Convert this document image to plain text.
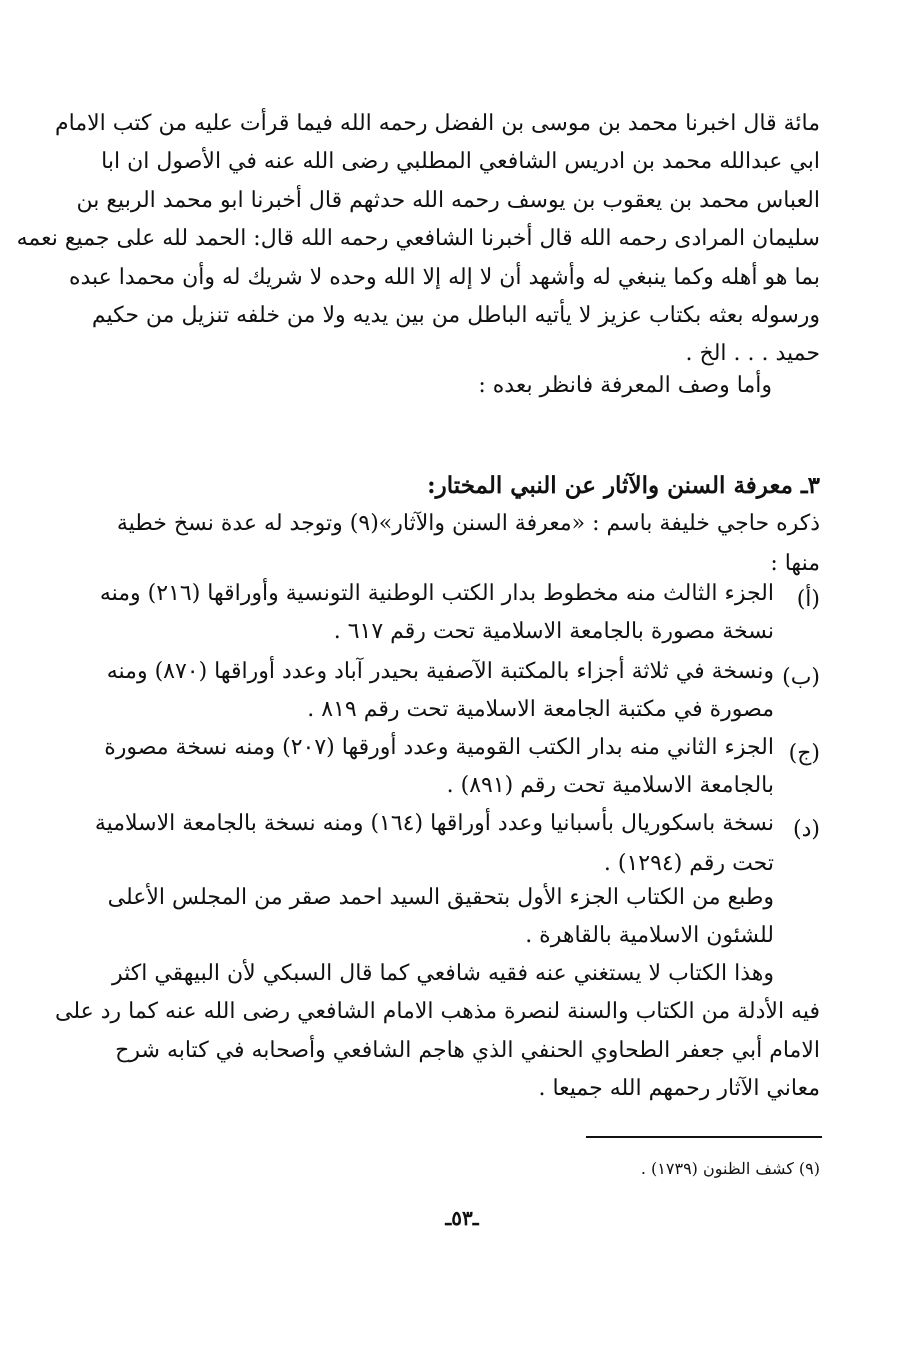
مائة قال اخبرنا محمد بن موسى بن الفضل رحمه الله فيما قرأت عليه من كتب الامام
ابي عبدالله محمد بن ادريس الشافعي المطلبي رضى الله عنه في الأصول ان ابا
العباس محمد بن يعقوب بن يوسف رحمه الله حدثهم قال أخبرنا ابو محمد الربيع بن
سليمان المرادى رحمه الله قال أخبرنا الشافعي رحمه الله قال: الحمد لله على جميع نعمه
بما هو أهله وكما ينبغي له وأشهد أن لا إله إلا الله وحده لا شريك له وأن محمدا عبده
ورسوله بعثه بكتاب عزيز لا يأتيه الباطل من بين يديه ولا من خلفه تنزيل من حكيم
حميد . . . الخ .
وأما وصف المعرفة فانظر بعده :
٣ـ معرفة السنن والآثار عن النبي المختار:
ذكره حاجي خليفة باسم : «معرفة السنن والآثار»(٩) وتوجد له عدة نسخ خطية
منها :
(أ)
الجزء الثالث منه مخطوط بدار الكتب الوطنية التونسية وأوراقها (٢١٦) ومنه
نسخة مصورة بالجامعة الاسلامية تحت رقم ٦١٧ .
(ب)
ونسخة في ثلاثة أجزاء بالمكتبة الآصفية بحيدر آباد وعدد أوراقها (٨٧٠) ومنه
مصورة في مكتبة الجامعة الاسلامية تحت رقم ٨١٩ .
(ج)
الجزء الثاني منه بدار الكتب القومية وعدد أورقها (٢٠٧) ومنه نسخة مصورة
بالجامعة الاسلامية تحت رقم (٨٩١) .
(د)
نسخة باسكوريال بأسبانيا وعدد أوراقها (١٦٤) ومنه نسخة بالجامعة الاسلامية
تحت رقم (١٢٩٤) .
وطبع من الكتاب الجزء الأول بتحقيق السيد احمد صقر من المجلس الأعلى
للشئون الاسلامية بالقاهرة .
وهذا الكتاب لا يستغني عنه فقيه شافعي كما قال السبكي لأن البيهقي اكثر
فيه الأدلة من الكتاب والسنة لنصرة مذهب الامام الشافعي رضى الله عنه كما رد على
الامام أبي جعفر الطحاوي الحنفي الذي هاجم الشافعي وأصحابه في كتابه شرح
معاني الآثار رحمهم الله جميعا .
(٩) كشف الظنون (١٧٣٩) .
ـ٥٣ـ
